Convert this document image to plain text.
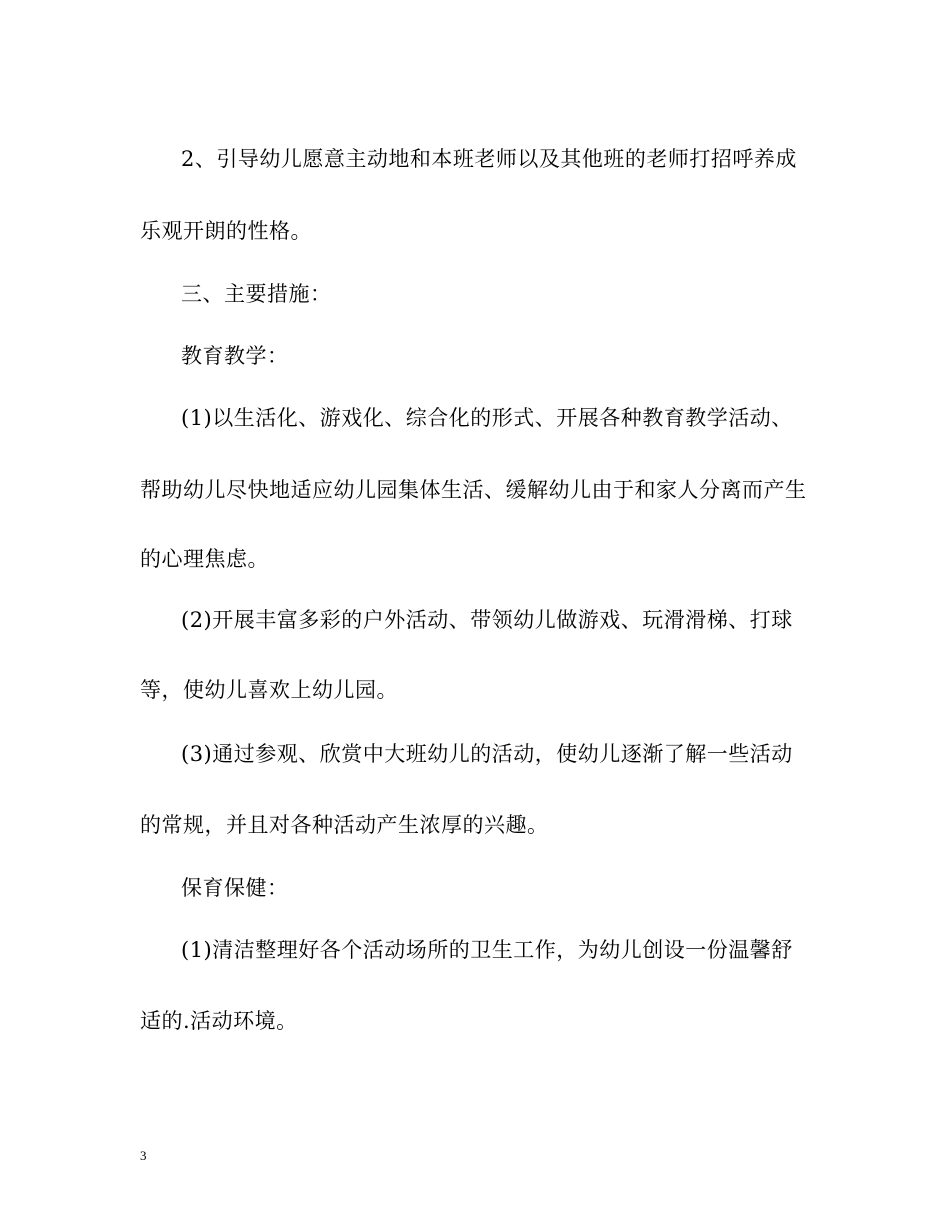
2、引导幼儿愿意主动地和本班老师以及其他班的老师打招呼养成
乐观开朗的性格。
三、主要措施：
教育教学：
(1)以生活化、游戏化、综合化的形式、开展各种教育教学活动、
帮助幼儿尽快地适应幼儿园集体生活、缓解幼儿由于和家人分离而产生
的心理焦虑。
(2)开展丰富多彩的户外活动、带领幼儿做游戏、玩滑滑梯、打球
等，使幼儿喜欢上幼儿园。
(3)通过参观、欣赏中大班幼儿的活动，使幼儿逐渐了解一些活动
的常规，并且对各种活动产生浓厚的兴趣。
保育保健：
(1)清洁整理好各个活动场所的卫生工作，为幼儿创设一份温馨舒
适的.活动环境。
3
